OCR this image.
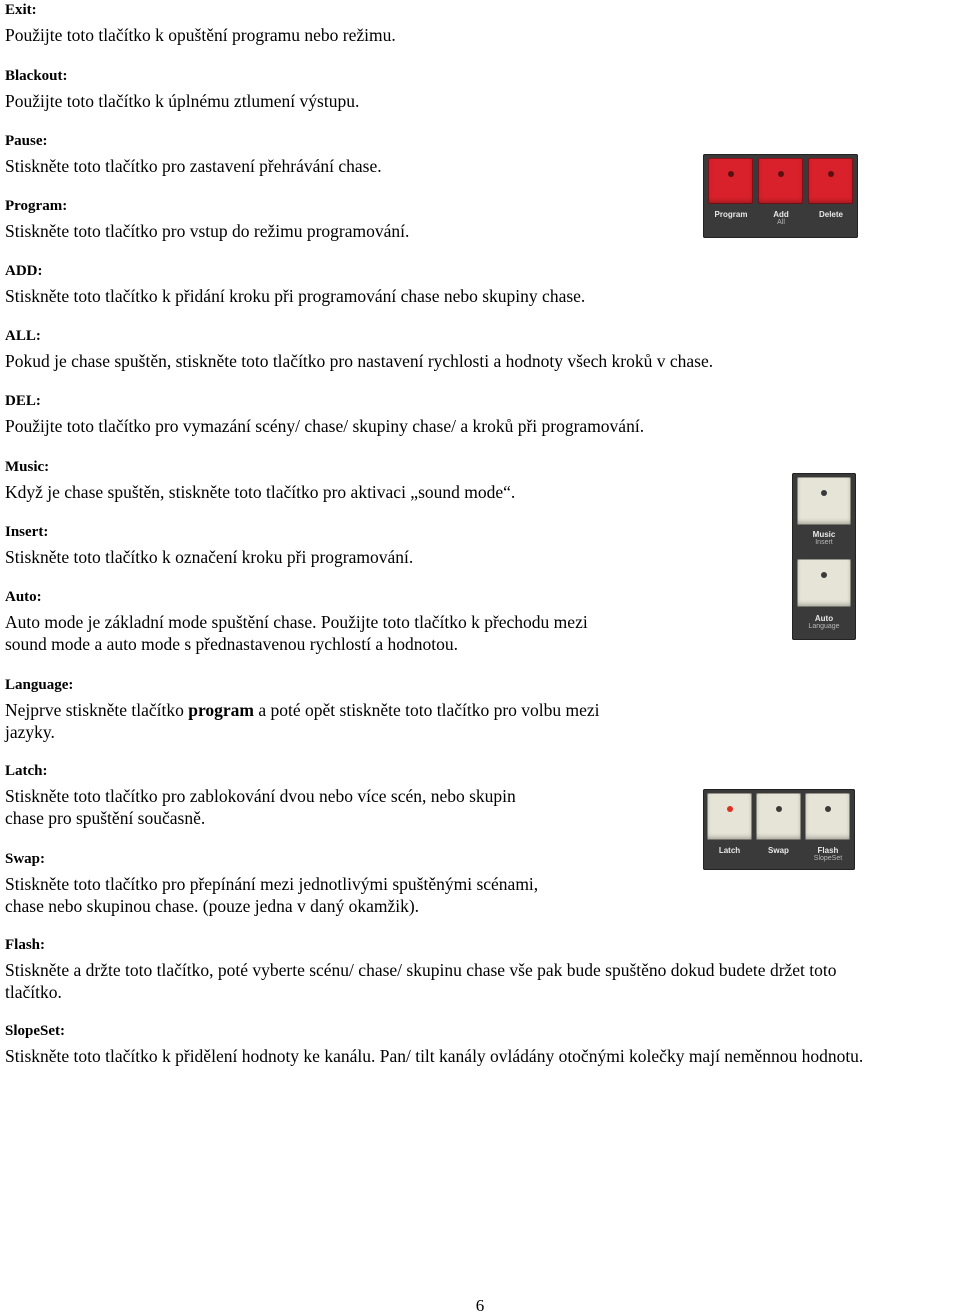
Exit:
Použijte toto tlačítko k opuštění programu nebo režimu.
Blackout:
Použijte toto tlačítko k úplnému ztlumení výstupu.
Pause:
Stiskněte toto tlačítko pro zastavení přehrávání chase.
Program:
Stiskněte toto tlačítko pro vstup do režimu programování.
ADD:
Stiskněte toto tlačítko k přidání kroku při programování chase nebo skupiny chase.
ALL:
Pokud je chase spuštěn, stiskněte toto tlačítko pro nastavení rychlosti a hodnoty všech kroků v chase.
DEL:
Použijte toto tlačítko pro vymazání scény/ chase/ skupiny chase/ a kroků při programování.
Music:
Když je chase spuštěn, stiskněte toto tlačítko pro aktivaci „sound mode“.
Insert:
Stiskněte toto tlačítko k označení kroku při programování.
Auto:
Auto mode je základní mode spuštění chase. Použijte toto tlačítko k přechodu mezi
sound mode a auto mode s přednastavenou rychlostí a hodnotou.
Language:
Nejprve stiskněte tlačítko program a poté opět stiskněte toto tlačítko pro volbu mezi
jazyky.
Latch:
Stiskněte toto tlačítko pro zablokování dvou nebo více scén, nebo skupin
chase pro spuštění současně.
Swap:
Stiskněte toto tlačítko pro přepínání mezi jednotlivými spuštěnými scénami,
chase nebo skupinou chase. (pouze jedna v daný okamžik).
Flash:
Stiskněte a držte toto tlačítko, poté vyberte scénu/ chase/ skupinu chase vše pak bude spuštěno dokud budete držet toto
tlačítko.
SlopeSet:
Stiskněte toto tlačítko k přidělení hodnoty ke kanálu. Pan/ tilt kanály ovládány otočnými kolečky mají neměnnou hodnotu.
Program	Add
All
Delete
Music
Insert
Auto
Language
Latch	Swap	Flash
SlopeSet
6
